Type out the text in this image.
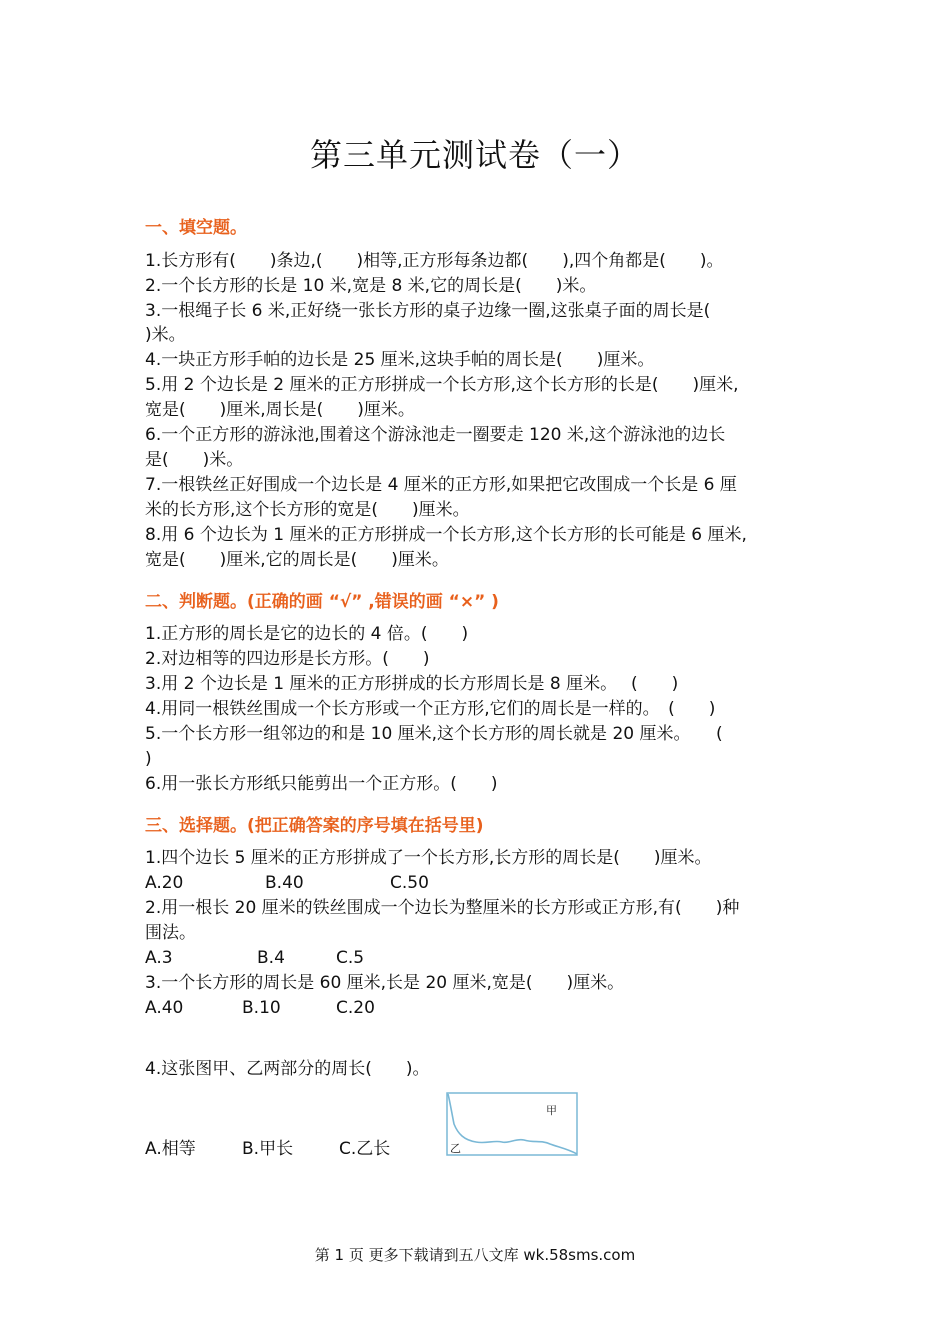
第三单元测试卷（一）
一、填空题。
1.长方形有(　　)条边,(　　)相等,正方形每条边都(　　),四个角都是(　　)。
2.一个长方形的长是 10 米,宽是 8 米,它的周长是(　　)米。
3.一根绳子长 6 米,正好绕一张长方形的桌子边缘一圈,这张桌子面的周长是(
)米。
4.一块正方形手帕的边长是 25 厘米,这块手帕的周长是(　　)厘米。
5.用 2 个边长是 2 厘米的正方形拼成一个长方形,这个长方形的长是(　　)厘米,
宽是(　　)厘米,周长是(　　)厘米。
6.一个正方形的游泳池,围着这个游泳池走一圈要走 120 米,这个游泳池的边长
是(　　)米。
7.一根铁丝正好围成一个边长是 4 厘米的正方形,如果把它改围成一个长是 6 厘
米的长方形,这个长方形的宽是(　　)厘米。
8.用 6 个边长为 1 厘米的正方形拼成一个长方形,这个长方形的长可能是 6 厘米,
宽是(　　)厘米,它的周长是(　　)厘米。
二、判断题。(正确的画 “√” ,错误的画 “×” )
1.正方形的周长是它的边长的 4 倍。(　　)
2.对边相等的四边形是长方形。(　　)
3.用 2 个边长是 1 厘米的正方形拼成的长方形周长是 8 厘米。　 (　　)
4.用同一根铁丝围成一个长方形或一个正方形,它们的周长是一样的。　(　　)
5.一个长方形一组邻边的和是 10 厘米,这个长方形的周长就是 20 厘米。　　(
)
6.用一张长方形纸只能剪出一个正方形。(　　)
三、选择题。(把正确答案的序号填在括号里)
1.四个边长 5 厘米的正方形拼成了一个长方形,长方形的周长是(　　)厘米。
A.20	B.40	C.50
2.用一根长 20 厘米的铁丝围成一个边长为整厘米的长方形或正方形,有(　　)种
围法。
A.3	B.4	C.5
3.一个长方形的周长是 60 厘米,长是 20 厘米,宽是(　　)厘米。
A.40	B.10	C.20
4.这张图甲、乙两部分的周长(　　)。
A.相等	B.甲长	C.乙长
甲
乙
第 1 页 更多下载请到五八文库 wk.58sms.com
